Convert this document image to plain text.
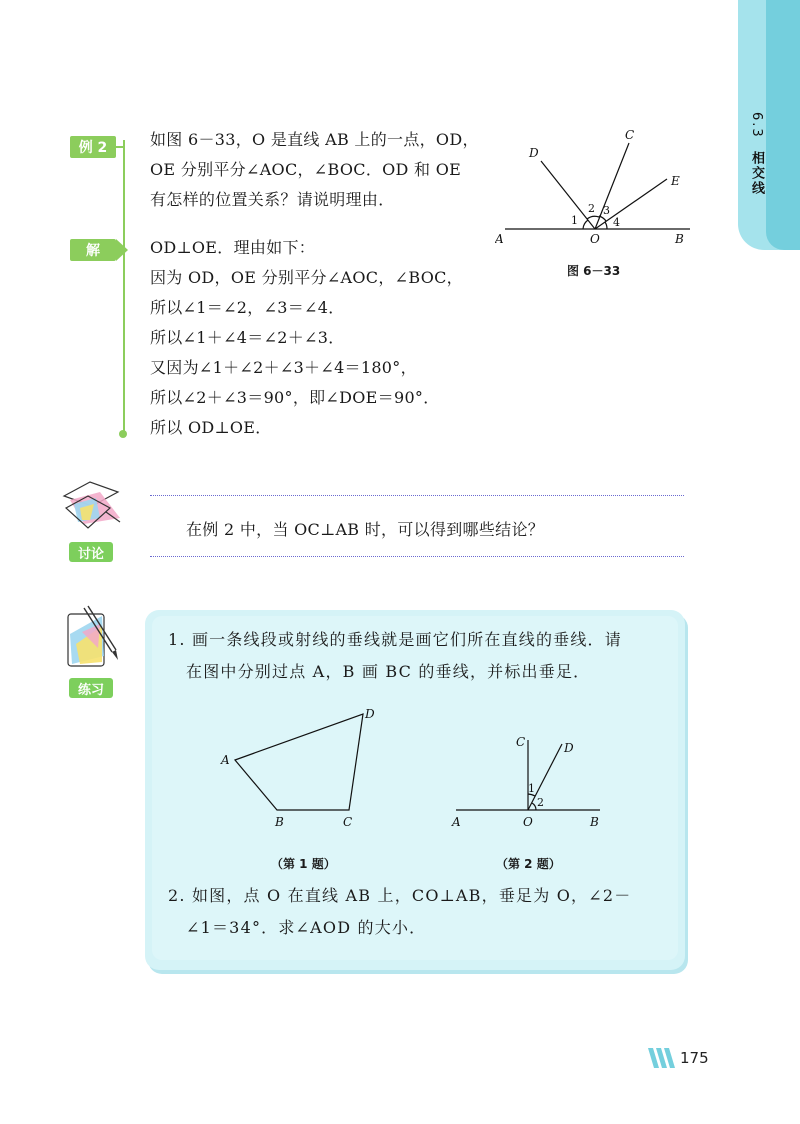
6.3 相交线
例 2	如图 6－33，O 是直线 AB 上的一点，OD，
OE 分别平分∠AOC，∠BOC．OD 和 OE
有怎样的位置关系？请说明理由．
解	OD⊥OE．理由如下：
因为 OD，OE 分别平分∠AOC，∠BOC，
所以∠1＝∠2，∠3＝∠4．
所以∠1＋∠4＝∠2＋∠3．
又因为∠1＋∠2＋∠3＋∠4＝180°，
所以∠2＋∠3＝90°，即∠DOE＝90°．
所以 OD⊥OE．
A	O	B
D
C
E
1
2 3
4
图 6－33
讨论
在例 2 中，当 OC⊥AB 时，可以得到哪些结论？
练习
1. 画一条线段或射线的垂线就是画它们所在直线的垂线．请
在图中分别过点 A，B 画 BC 的垂线，并标出垂足．
A
D
B	C
（第 1 题）
A	O	B
C	D
1
2
（第 2 题）
2. 如图，点 O 在直线 AB 上，CO⊥AB，垂足为 O，∠2－
∠1＝34°．求∠AOD 的大小．
175
